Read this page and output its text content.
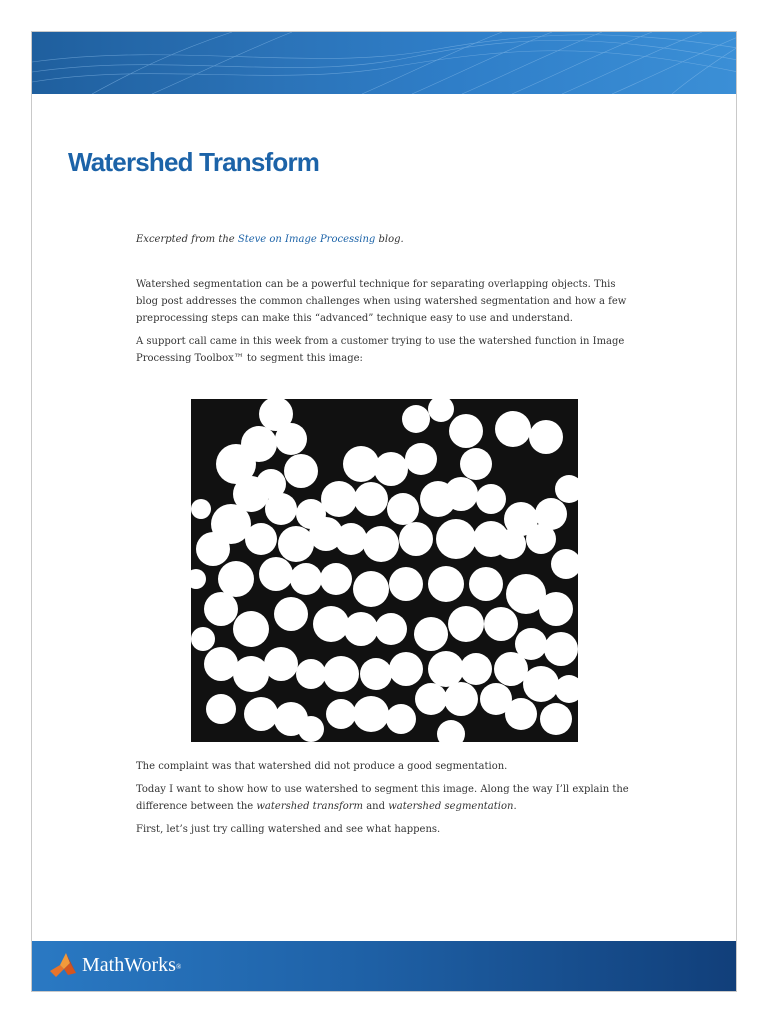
Watershed Transform

Excerpted from the Steve on Image Processing blog.

Watershed segmentation can be a powerful technique for separating overlapping objects. This blog post addresses the common challenges when using watershed segmentation and how a few preprocessing steps can make this “advanced” technique easy to use and understand.

A support call came in this week from a customer trying to use the watershed function in Image Processing Toolbox™ to segment this image:

The complaint was that watershed did not produce a good segmentation.

Today I want to show how to use watershed to segment this image. Along the way I’ll explain the difference between the watershed transform and watershed segmentation.

First, let’s just try calling watershed and see what happens.

MathWorks®
